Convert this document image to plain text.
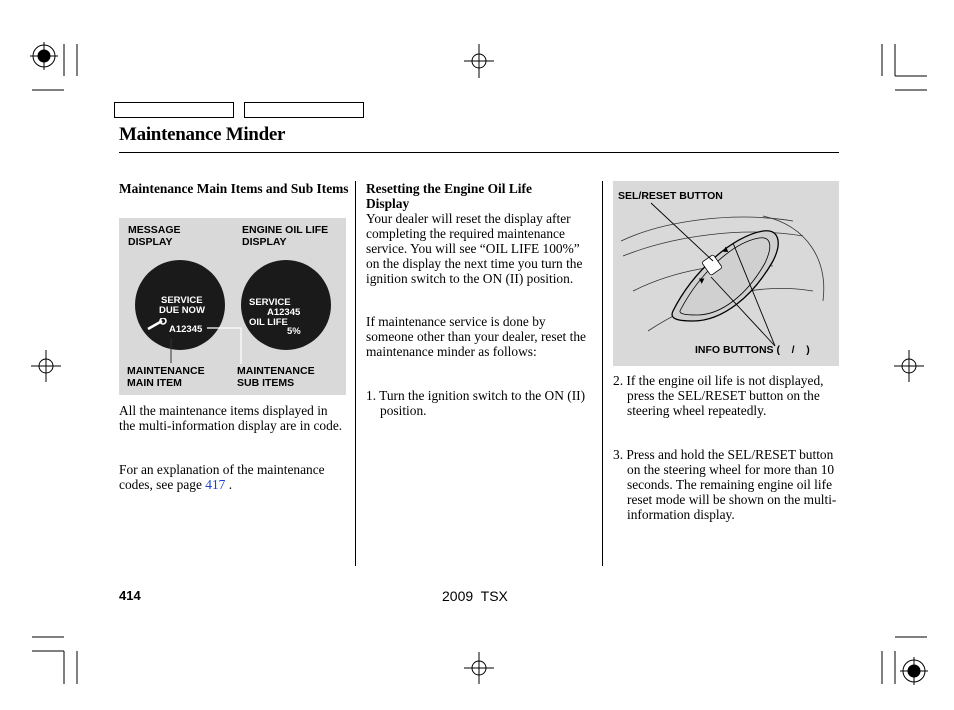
Maintenance Minder
Maintenance Main Items and Sub Items
MESSAGE DISPLAY
ENGINE OIL LIFE DISPLAY
SERVICE
DUE NOW
A12345
SERVICE
A12345
OIL LIFE
5%
MAINTENANCE MAIN ITEM
MAINTENANCE SUB ITEMS
All the maintenance items displayed in the multi-information display are in code.
For an explanation of the maintenance codes, see page 417 .
Resetting the Engine Oil Life Display
Your dealer will reset the display after completing the required maintenance service. You will see “OIL LIFE 100%” on the display the next time you turn the ignition switch to the ON (II) position.
If maintenance service is done by someone other than your dealer, reset the maintenance minder as follows:
1. Turn the ignition switch to the ON (II) position.
SEL/RESET BUTTON
▲
▼
INFO BUTTONS (    /    )
2. If the engine oil life is not displayed, press the SEL/RESET button on the steering wheel repeatedly.
3. Press and hold the SEL/RESET button on the steering wheel for more than 10 seconds. The remaining engine oil life reset mode will be shown on the multi-information display.
414	2009  TSX
